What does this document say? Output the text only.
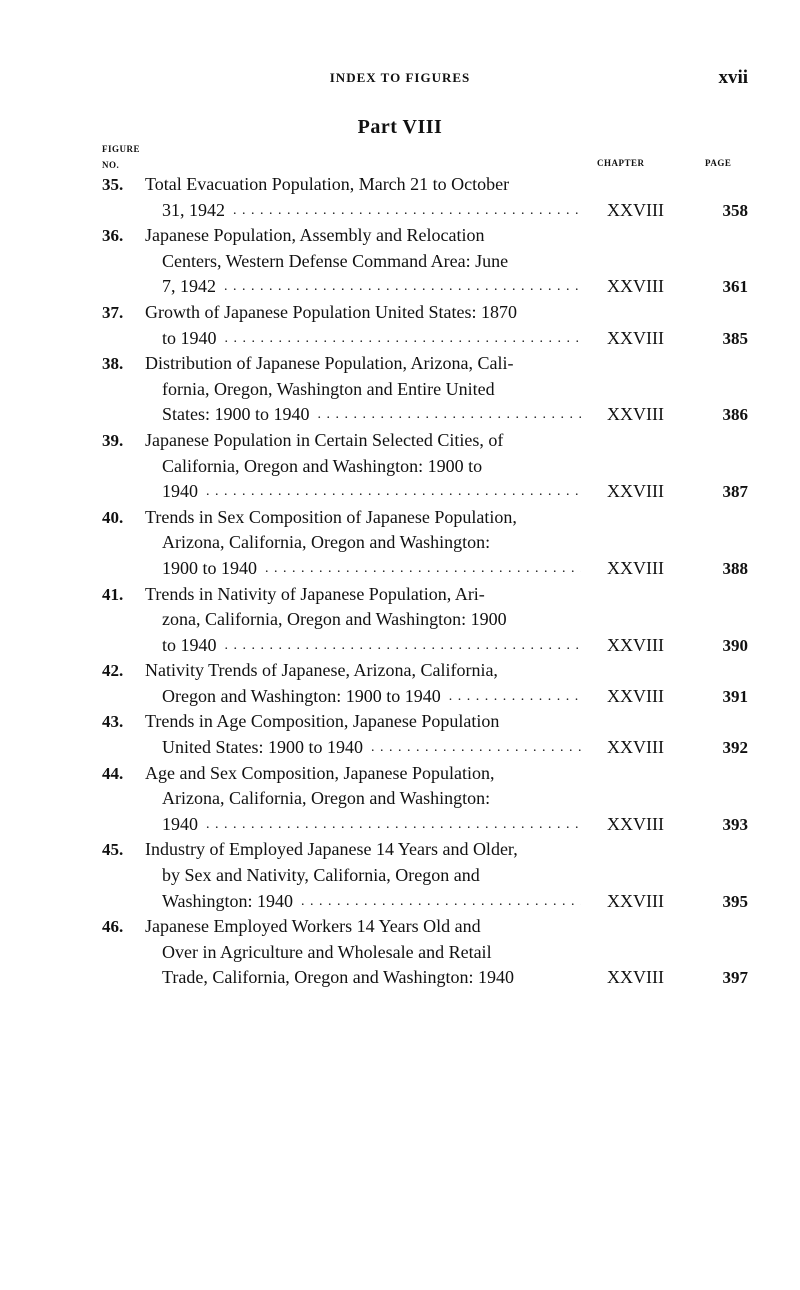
INDEX TO FIGURES	xvii
Part VIII
FIGURE
NO.	CHAPTER	PAGE
35.	Total Evacuation Population, March 21 to October
31, 1942 . . .	XXVIII	358
36.	Japanese Population, Assembly and Relocation
Centers, Western Defense Command Area: June
7, 1942 . . .	XXVIII	361
37.	Growth of Japanese Population United States: 1870
to 1940 . . .	XXVIII	385
38.	Distribution of Japanese Population, Arizona, Cali-
fornia, Oregon, Washington and Entire United
States: 1900 to 1940 . . .	XXVIII	386
39.	Japanese Population in Certain Selected Cities, of
California, Oregon and Washington: 1900 to
1940 . . .	XXVIII	387
40.	Trends in Sex Composition of Japanese Population,
Arizona, California, Oregon and Washington:
1900 to 1940 . . .	XXVIII	388
41.	Trends in Nativity of Japanese Population, Ari-
zona, California, Oregon and Washington: 1900
to 1940 . . .	XXVIII	390
42.	Nativity Trends of Japanese, Arizona, California,
Oregon and Washington: 1900 to 1940 . . .	XXVIII	391
43.	Trends in Age Composition, Japanese Population
United States: 1900 to 1940 . . .	XXVIII	392
44.	Age and Sex Composition, Japanese Population,
Arizona, California, Oregon and Washington:
1940 . . .	XXVIII	393
45.	Industry of Employed Japanese 14 Years and Older,
by Sex and Nativity, California, Oregon and
Washington: 1940 . . .	XXVIII	395
46.	Japanese Employed Workers 14 Years Old and
Over in Agriculture and Wholesale and Retail
Trade, California, Oregon and Washington: 1940	XXVIII	397
